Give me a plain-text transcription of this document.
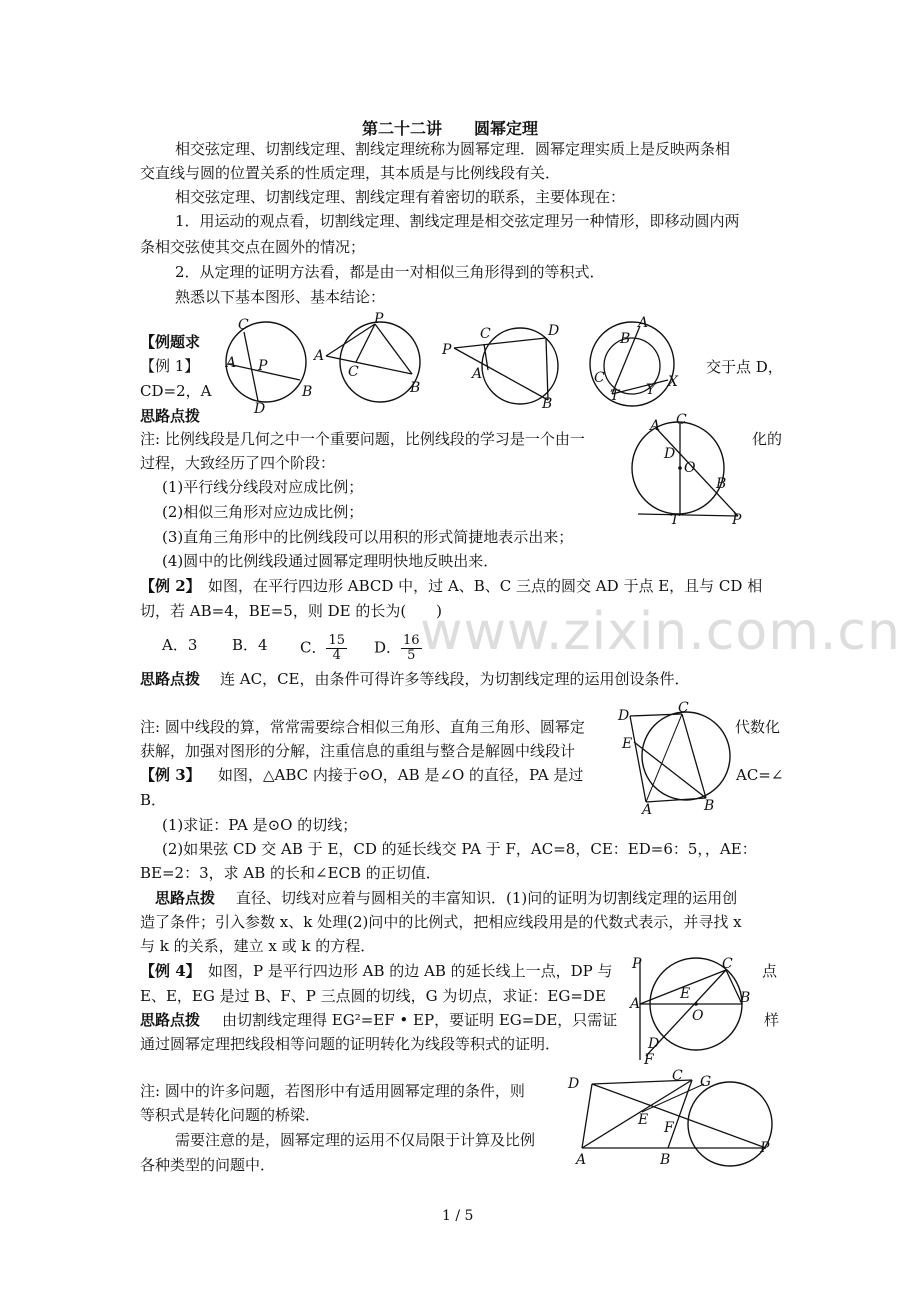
第二十二讲　　圆幂定理
相交弦定理、切割线定理、割线定理统称为圆幂定理．圆幂定理实质上是反映两条相
交直线与圆的位置关系的性质定理，其本质是与比例线段有关．
相交弦定理、切割线定理、割线定理有着密切的联系，主要体现在：
1．用运动的观点看，切割线定理、割线定理是相交弦定理另一种情形，即移动圆内两
条相交弦使其交点在圆外的情况；
2．从定理的证明方法看，都是由一对相似三角形得到的等积式．
熟悉以下基本图形、基本结论：
C
A P
B
D
A
P
C
B
P
C	D
A
B
A
B
C
T Y X
【例题求
【例 1】	交于点 D，
CD=2，A
思路点拨
A C
D
O
B
T	P
注: 比例线段是几何之中一个重要问题，比例线段的学习是一个由一	化的
过程，大致经历了四个阶段：
(1)平行线分线段对应成比例；
(2)相似三角形对应边成比例；
(3)直角三角形中的比例线段可以用积的形式简捷地表示出来；
(4)圆中的比例线段通过圆幂定理明快地反映出来．
【例 2】 如图，在平行四边形 ABCD 中，过 A、B、C 三点的圆交 AD 于点 E，且与 CD 相
切，若 AB=4，BE=5，则 DE 的长为(　　)
A．3 B．4 C． $\frac{15}{4}$ D． $\frac{16}{5}$
思路点拨 连 AC，CE，由条件可得许多等线段，为切割线定理的运用创设条件．
www.zixin.com.cn
D	C
E
A	B
注: 圆中线段的算，常常需要综合相似三角形、直角三角形、圆幂定	代数化
获解，加强对图形的分解，注重信息的重组与整合是解圆中线段计
【例 3】 如图，△ABC 内接于⊙O，AB 是∠O 的直径，PA 是过	AC=∠
B．
(1)求证：PA 是⊙O 的切线；
(2)如果弦 CD 交 AB 于 E，CD 的延长线交 PA 于 F，AC=8，CE：ED=6：5，，AE：
BE=2：3，求 AB 的长和∠ECB 的正切值．
思路点拨 直径、切线对应着与圆相关的丰富知识．(1)问的证明为切割线定理的运用创
造了条件；引入参数 x、k 处理(2)问中的比例式，把相应线段用是的代数式表示，并寻找 x
与 k 的关系，建立 x 或 k 的方程．
P	C
A
E
O
B
D
F
【例 4】 如图，P 是平行四边形 AB 的边 AB 的延长线上一点，DP 与	点
E、E，EG 是过 B、F、P 三点圆的切线，G 为切点，求证：EG=DE
思路点拨 由切割线定理得 EG²=EF • EP，要证明 EG=DE，只需证	样
通过圆幂定理把线段相等问题的证明转化为线段等积式的证明．
注: 圆中的许多问题，若图形中有适用圆幂定理的条件，则
等积式是转化问题的桥梁．
需要注意的是，圆幂定理的运用不仅局限于计算及比例
各种类型的问题中．
D	C G
E F
A	B
P
1 / 5
